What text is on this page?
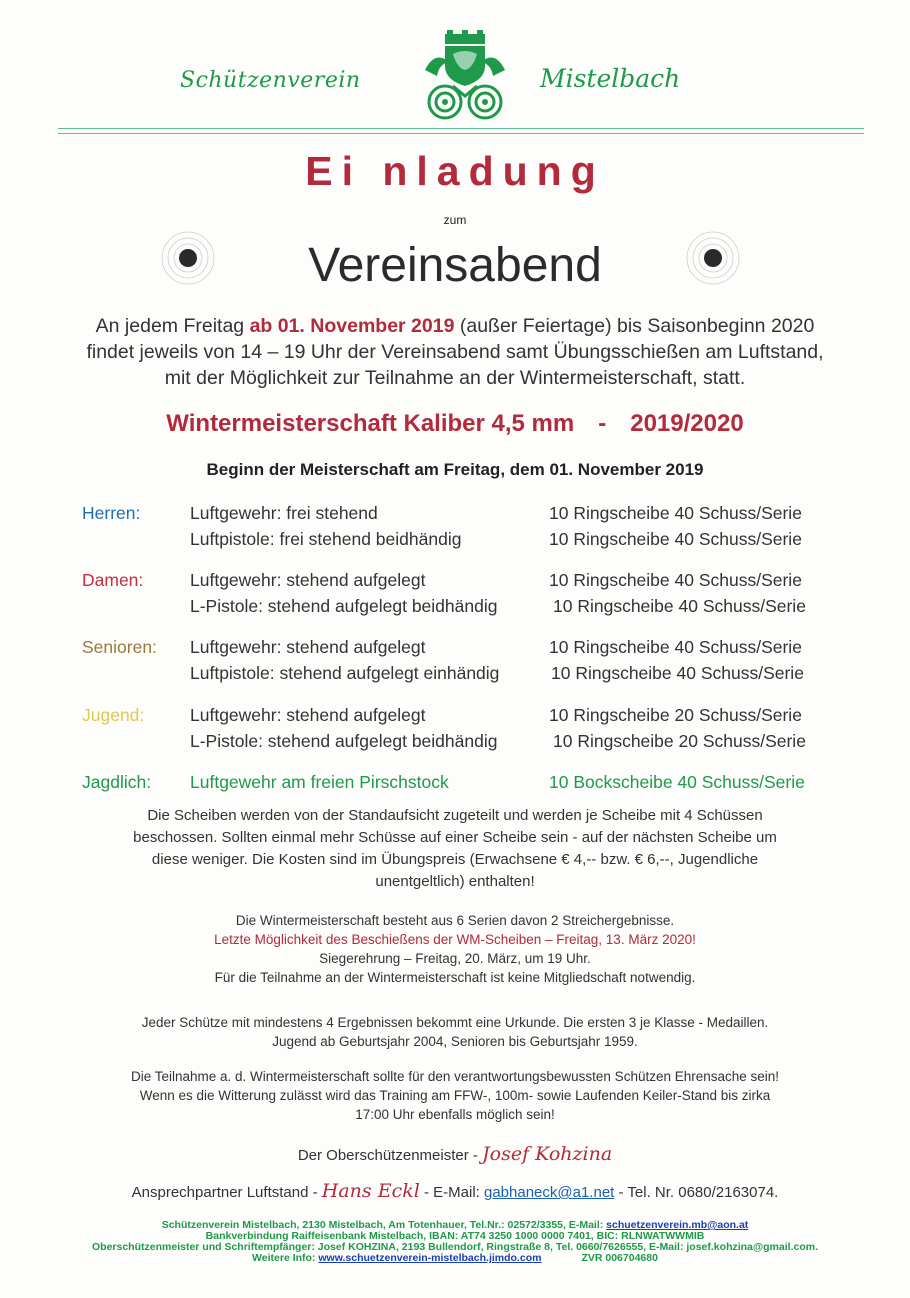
Schützenverein	Mistelbach
Ei nladung
zum
Vereinsabend
An jedem Freitag ab 01. November 2019 (außer Feiertage) bis Saisonbeginn 2020
findet jeweils von 14 – 19 Uhr der Vereinsabend samt Übungsschießen am Luftstand,
mit der Möglichkeit zur Teilnahme an der Wintermeisterschaft, statt.
Wintermeisterschaft Kaliber 4,5 mm - 2019/2020
Beginn der Meisterschaft am Freitag, dem 01. November 2019
Herren:	Luftgewehr: frei stehend	10 Ringscheibe 40 Schuss/Serie
Luftpistole: frei stehend beidhändig	10 Ringscheibe 40 Schuss/Serie
Damen:	Luftgewehr: stehend aufgelegt	10 Ringscheibe 40 Schuss/Serie
L-Pistole: stehend aufgelegt beidhändig	10 Ringscheibe 40 Schuss/Serie
Senioren: Luftgewehr: stehend aufgelegt	10 Ringscheibe 40 Schuss/Serie
Luftpistole: stehend aufgelegt einhändig	10 Ringscheibe 40 Schuss/Serie
Jugend:	Luftgewehr: stehend aufgelegt	10 Ringscheibe 20 Schuss/Serie
L-Pistole: stehend aufgelegt beidhändig	10 Ringscheibe 20 Schuss/Serie
Jagdlich: Luftgewehr am freien Pirschstock	10 Bockscheibe 40 Schuss/Serie
Die Scheiben werden von der Standaufsicht zugeteilt und werden je Scheibe mit 4 Schüssen
beschossen. Sollten einmal mehr Schüsse auf einer Scheibe sein - auf der nächsten Scheibe um
diese weniger. Die Kosten sind im Übungspreis (Erwachsene € 4,-- bzw. € 6,--, Jugendliche
unentgeltlich) enthalten!
Die Wintermeisterschaft besteht aus 6 Serien davon 2 Streichergebnisse.
Letzte Möglichkeit des Beschießens der WM-Scheiben – Freitag, 13. März 2020!
Siegerehrung – Freitag, 20. März, um 19 Uhr.
Für die Teilnahme an der Wintermeisterschaft ist keine Mitgliedschaft notwendig.
Jeder Schütze mit mindestens 4 Ergebnissen bekommt eine Urkunde. Die ersten 3 je Klasse - Medaillen.
Jugend ab Geburtsjahr 2004, Senioren bis Geburtsjahr 1959.
Die Teilnahme a. d. Wintermeisterschaft sollte für den verantwortungsbewussten Schützen Ehrensache sein!
Wenn es die Witterung zulässt wird das Training am FFW-, 100m- sowie Laufenden Keiler-Stand bis zirka
17:00 Uhr ebenfalls möglich sein!
Der Oberschützenmeister - Josef Kohzina
Ansprechpartner Luftstand - Hans Eckl - E-Mail: gabhaneck@a1.net - Tel. Nr. 0680/2163074.
Schützenverein Mistelbach, 2130 Mistelbach, Am Totenhauer, Tel.Nr.: 02572/3355, E-Mail: schuetzenverein.mb@aon.at
Bankverbindung Raiffeisenbank Mistelbach, IBAN: AT74 3250 1000 0000 7401, BIC: RLNWATWWMIB
Oberschützenmeister und Schriftempfänger: Josef KOHZINA, 2193 Bullendorf, Ringstraße 8, Tel. 0660/7626555, E-Mail: josef.kohzina@gmail.com.
Weitere Info: www.schuetzenverein-mistelbach.jimdo.com	ZVR 006704680
